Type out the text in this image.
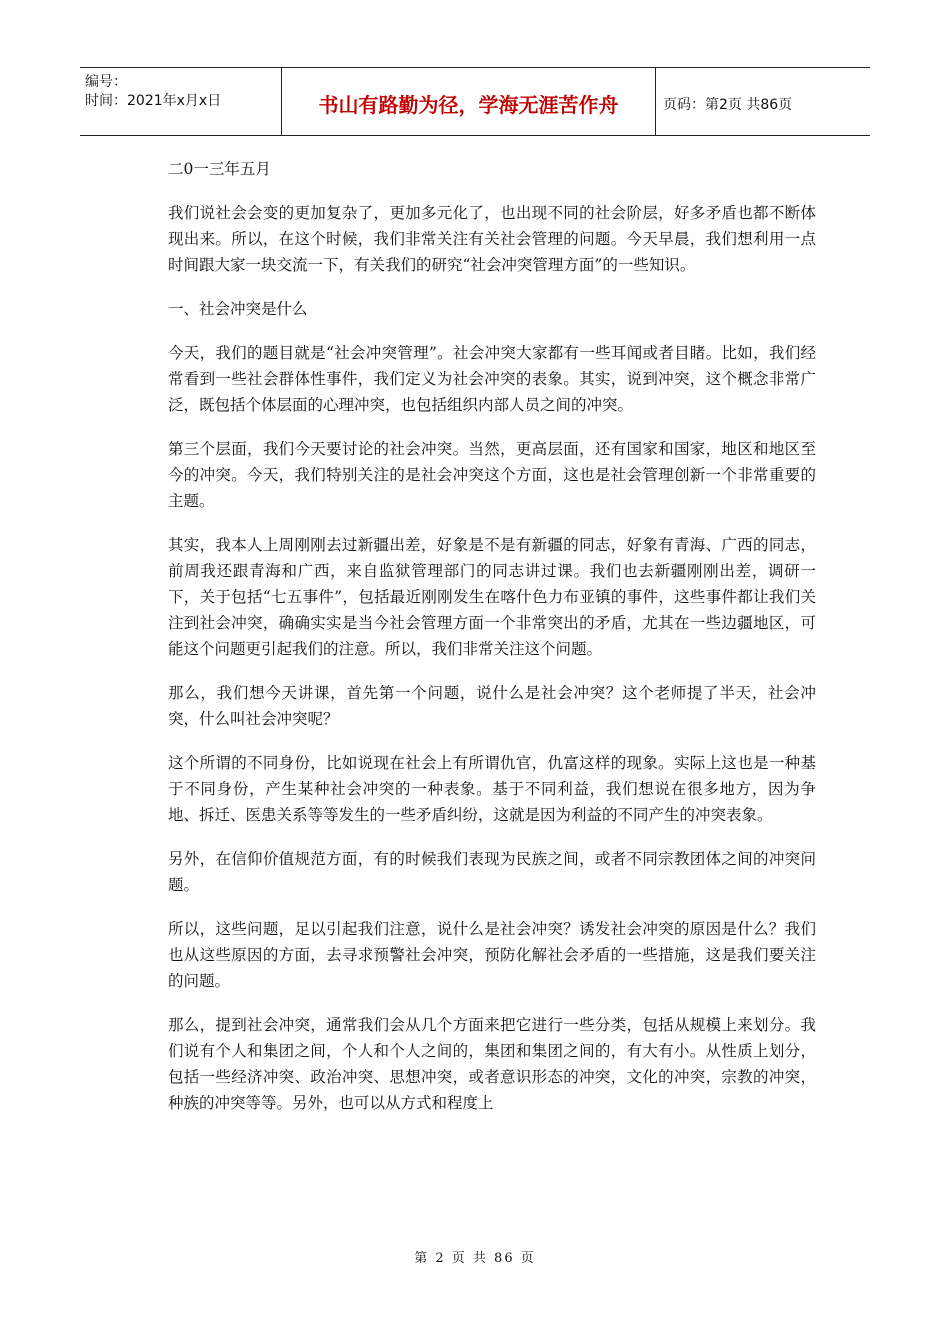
编号：
时间：2021年x月x日	书山有路勤为径，学海无涯苦作舟	页码：第2页 共86页

二0一三年五月

我们说社会会变的更加复杂了，更加多元化了，也出现不同的社会阶层，好多矛盾也都不断体现出来。所以，在这个时候，我们非常关注有关社会管理的问题。今天早晨，我们想利用一点时间跟大家一块交流一下，有关我们的研究“社会冲突管理方面”的一些知识。

一、社会冲突是什么

今天，我们的题目就是“社会冲突管理”。社会冲突大家都有一些耳闻或者目睹。比如，我们经常看到一些社会群体性事件，我们定义为社会冲突的表象。其实，说到冲突，这个概念非常广泛，既包括个体层面的心理冲突，也包括组织内部人员之间的冲突。

第三个层面，我们今天要讨论的社会冲突。当然，更高层面，还有国家和国家，地区和地区至今的冲突。今天，我们特别关注的是社会冲突这个方面，这也是社会管理创新一个非常重要的主题。

其实，我本人上周刚刚去过新疆出差，好象是不是有新疆的同志，好象有青海、广西的同志，前周我还跟青海和广西，来自监狱管理部门的同志讲过课。我们也去新疆刚刚出差，调研一下，关于包括“七五事件”，包括最近刚刚发生在喀什色力布亚镇的事件，这些事件都让我们关注到社会冲突，确确实实是当今社会管理方面一个非常突出的矛盾，尤其在一些边疆地区，可能这个问题更引起我们的注意。所以，我们非常关注这个问题。

那么，我们想今天讲课，首先第一个问题，说什么是社会冲突？这个老师提了半天，社会冲突，什么叫社会冲突呢？

这个所谓的不同身份，比如说现在社会上有所谓仇官，仇富这样的现象。实际上这也是一种基于不同身份，产生某种社会冲突的一种表象。基于不同利益，我们想说在很多地方，因为争地、拆迁、医患关系等等发生的一些矛盾纠纷，这就是因为利益的不同产生的冲突表象。

另外，在信仰价值规范方面，有的时候我们表现为民族之间，或者不同宗教团体之间的冲突问题。

所以，这些问题，足以引起我们注意，说什么是社会冲突？诱发社会冲突的原因是什么？我们也从这些原因的方面，去寻求预警社会冲突，预防化解社会矛盾的一些措施，这是我们要关注的问题。

那么，提到社会冲突，通常我们会从几个方面来把它进行一些分类，包括从规模上来划分。我们说有个人和集团之间，个人和个人之间的，集团和集团之间的，有大有小。从性质上划分，包括一些经济冲突、政治冲突、思想冲突，或者意识形态的冲突，文化的冲突，宗教的冲突，种族的冲突等等。另外，也可以从方式和程度上

第 2 页 共 86 页
